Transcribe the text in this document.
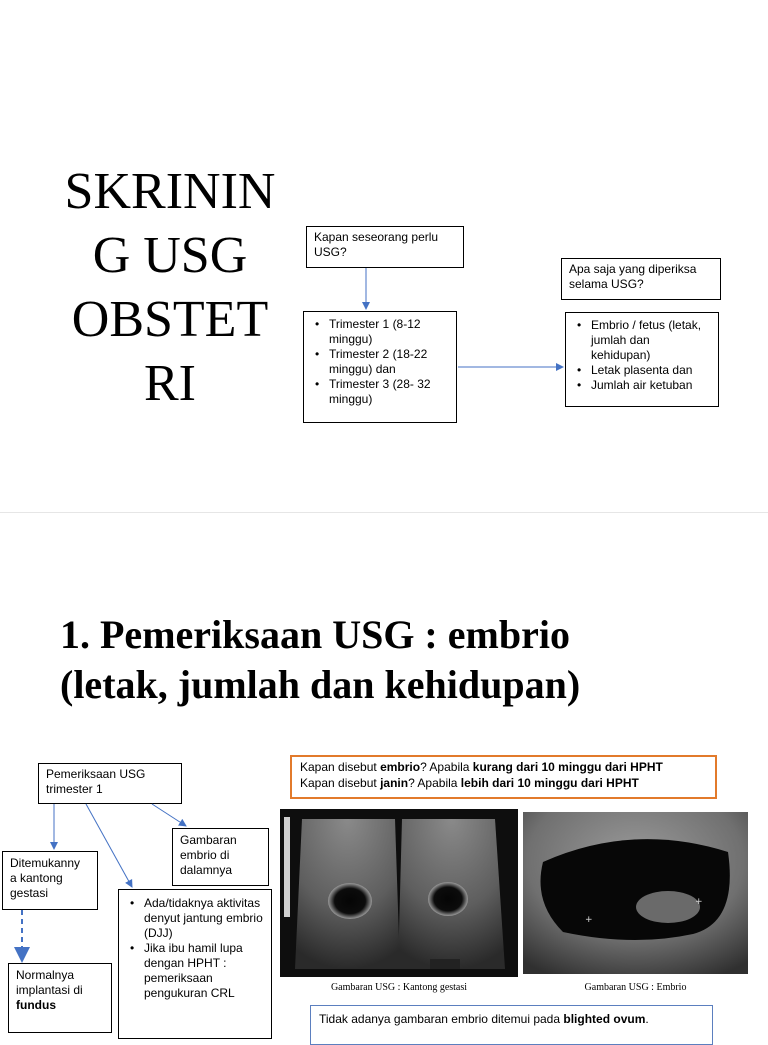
SKRININ
G USG
OBSTET
RI
Kapan seseorang perlu
USG?
Apa saja yang diperiksa
selama USG?
• Trimester 1 (8-12 minggu)
• Trimester 2 (18-22 minggu) dan
• Trimester 3 (28- 32 minggu)
• Embrio / fetus (letak, jumlah dan kehidupan)
• Letak plasenta dan
• Jumlah air ketuban
1. Pemeriksaan USG : embrio
(letak, jumlah dan kehidupan)
Pemeriksaan USG
trimester 1
Ditemukanny
a kantong
gestasi
Gambaran
embrio di
dalamnya
Normalnya
implantasi di
fundus
• Ada/tidaknya aktivitas denyut jantung embrio (DJJ)
• Jika ibu hamil lupa dengan HPHT : pemeriksaan pengukuran CRL
Kapan disebut embrio? Apabila kurang dari 10 minggu dari HPHT
Kapan disebut janin? Apabila lebih dari 10 minggu dari HPHT
Gambaran USG : Kantong gestasi
+
+
Gambaran USG : Embrio
Tidak adanya gambaran embrio ditemui pada blighted ovum.
